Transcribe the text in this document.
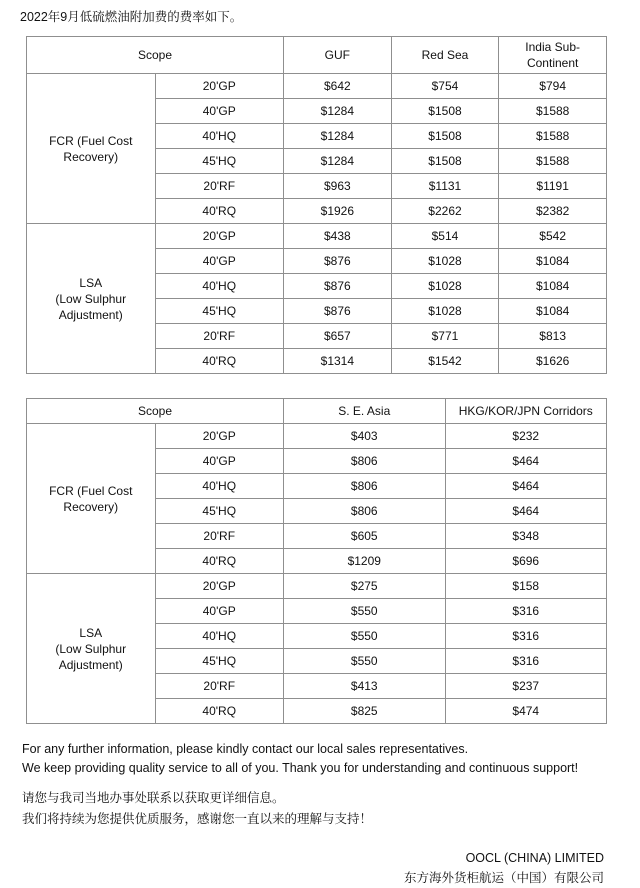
2022年9月低硫燃油附加费的费率如下。

Scope		GUF	Red Sea	India Sub-Continent

FCR (Fuel Cost Recovery)	20'GP	$642	$754	$794
	40'GP	$1284	$1508	$1588
	40'HQ	$1284	$1508	$1588
	45'HQ	$1284	$1508	$1588
	20'RF	$963	$1131	$1191
	40'RQ	$1926	$2262	$2382

LSA
(Low Sulphur Adjustment)	20'GP	$438	$514	$542
	40'GP	$876	$1028	$1084
	40'HQ	$876	$1028	$1084
	45'HQ	$876	$1028	$1084
	20'RF	$657	$771	$813
	40'RQ	$1314	$1542	$1626
Scope		S. E. Asia	HKG/KOR/JPN Corridors

FCR (Fuel Cost Recovery)	20'GP	$403	$232
	40'GP	$806	$464
	40'HQ	$806	$464
	45'HQ	$806	$464
	20'RF	$605	$348
	40'RQ	$1209	$696

LSA
(Low Sulphur Adjustment)	20'GP	$275	$158
	40'GP	$550	$316
	40'HQ	$550	$316
	45'HQ	$550	$316
	20'RF	$413	$237
	40'RQ	$825	$474

For any further information, please kindly contact our local sales representatives.

We keep providing quality service to all of you. Thank you for understanding and continuous support!

请您与我司当地办事处联系以获取更详细信息。

我们将持续为您提供优质服务，感谢您一直以来的理解与支持！

OOCL (CHINA) LIMITED
东方海外货柜航运（中国）有限公司
